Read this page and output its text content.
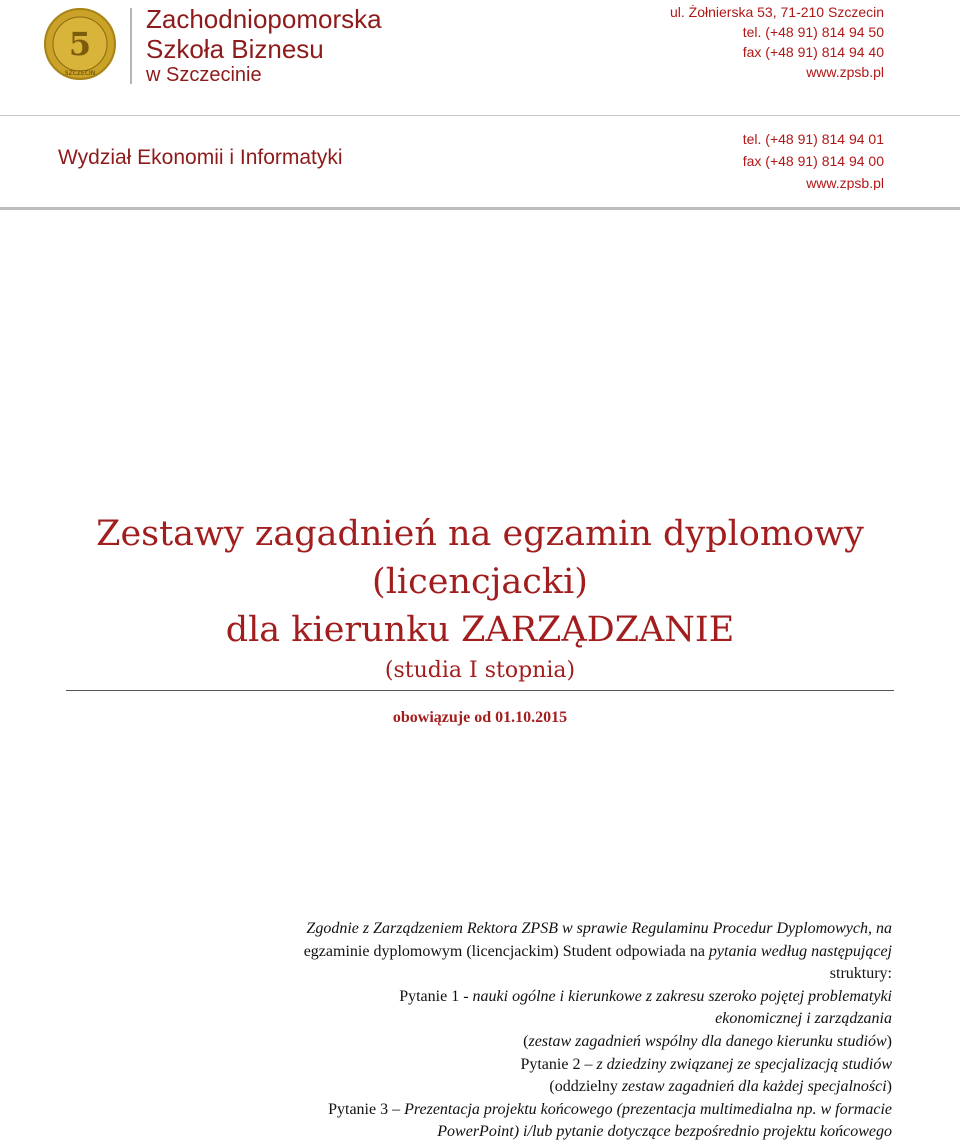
5
SZCZECIN
Zachodniopomorska
Szkoła Biznesu
w Szczecinie
ul. Żołnierska 53, 71-210 Szczecin
tel. (+48 91) 814 94 50
fax (+48 91) 814 94 40
www.zpsb.pl
Wydział Ekonomii i Informatyki
tel. (+48 91) 814 94 01
fax (+48 91) 814 94 00
www.zpsb.pl
Zestawy zagadnień na egzamin dyplomowy
(licencjacki)
dla kierunku ZARZĄDZANIE
(studia I stopnia)
obowiązuje od 01.10.2015
Zgodnie z Zarządzeniem Rektora ZPSB w sprawie Regulaminu Procedur Dyplomowych, na
egzaminie dyplomowym (licencjackim) Student odpowiada na pytania według następującej
struktury:
Pytanie 1 - nauki ogólne i kierunkowe z zakresu szeroko pojętej problematyki
ekonomicznej i zarządzania
(zestaw zagadnień wspólny dla danego kierunku studiów)
Pytanie 2 – z dziedziny związanej ze specjalizacją studiów
(oddzielny zestaw zagadnień dla każdej specjalności)
Pytanie 3 – Prezentacja projektu końcowego (prezentacja multimedialna np. w formacie
PowerPoint) i/lub pytanie dotyczące bezpośrednio projektu końcowego
